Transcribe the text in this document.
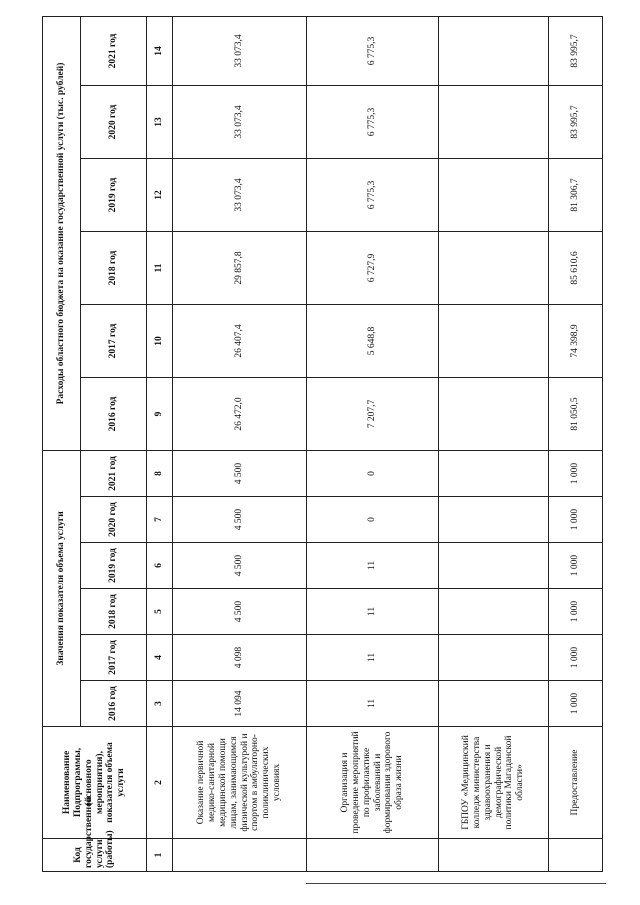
Код государственной услуги (работы)	Наименование Подпрограммы, (основного мероприятия), показателя объема услуги	Значения показателя объема услуги						Расходы областного бюджета на оказание государственной услуги (тыс. рублей)					
		2016 год	2017 год	2018 год	2019 год	2020 год	2021 год	2016 год	2017 год	2018 год	2019 год	2020 год	2021 год
1	2	3	4	5	6	7	8	9	10	11	12	13	14
	Оказание первичной медико-санитарной медицинской помощи лицам, занимающимся физической культурой и спортом в амбулаторно-поликлинических условиях	14 094	4 098	4 500	4 500	4 500	4 500	26 472,0	26 407,4	29 857,8	33 073,4	33 073,4	33 073,4
	Организация и проведение мероприятий по профилактике заболеваний и формирования здорового образа жизни	11	11	11	11	0	0	7 207,7	5 648,8	6 727,9	6 775,3	6 775,3	6 775,3
	ГБПОУ «Медицинский колледж министерства здравоохранения и демографической политики Магаданской области»												
	Предоставление	1 000	1 000	1 000	1 000	1 000	1 000	81 050,5	74 398,9	85 610,6	81 306,7	83 995,7	83 995,7
